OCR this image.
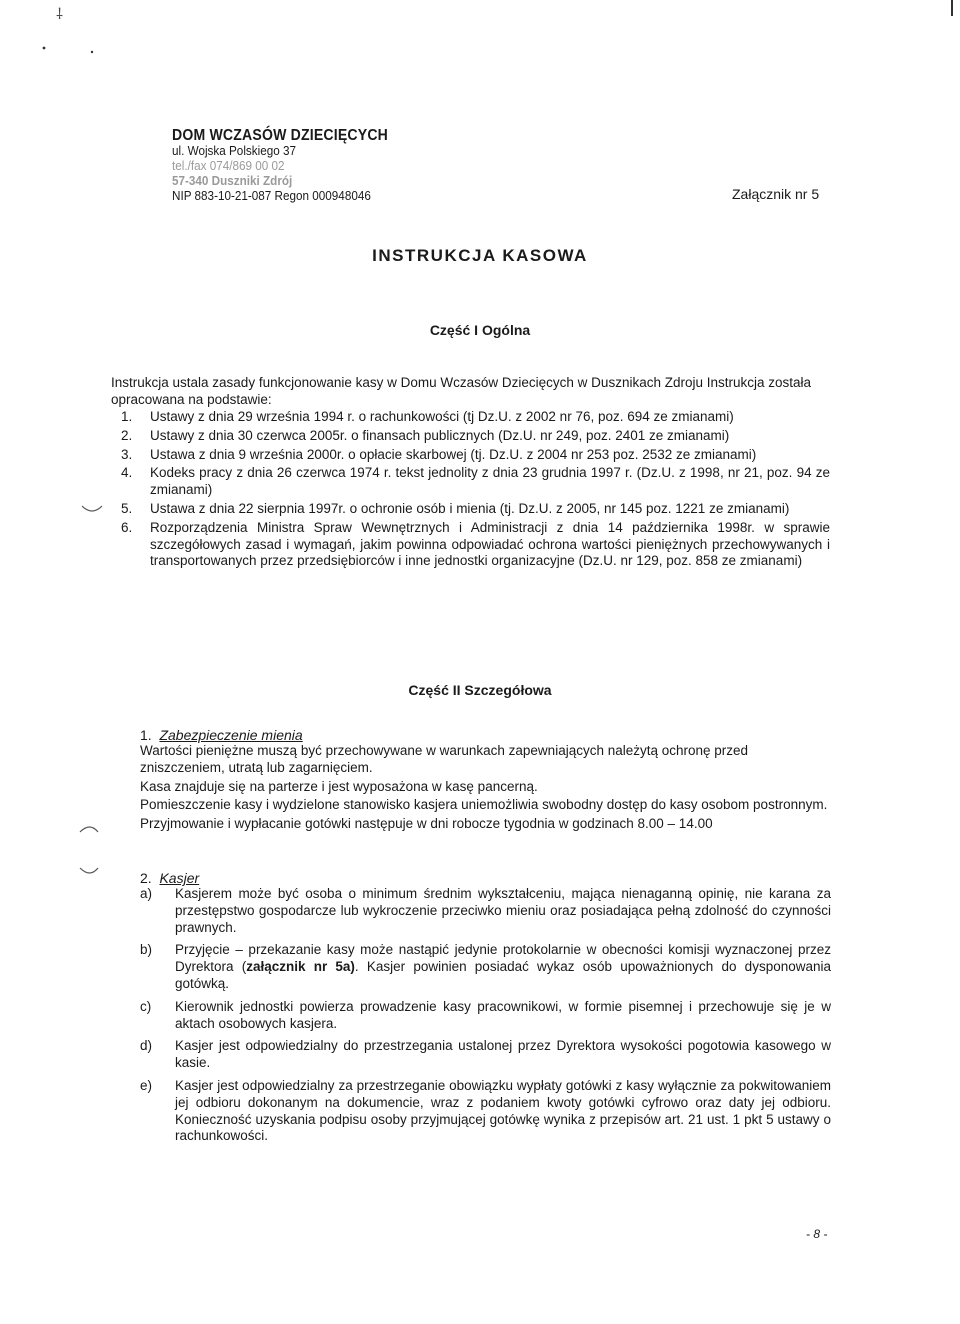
⸸
DOM WCZASÓW DZIECIĘCYCH
ul. Wojska Polskiego 37
tel./fax 074/869 00 02
57-340 Duszniki Zdrój
NIP 883-10-21-087 Regon 000948046	Załącznik nr 5
INSTRUKCJA KASOWA
Część I Ogólna
Instrukcja ustala zasady funkcjonowanie kasy w Domu Wczasów Dziecięcych w Dusznikach Zdroju Instrukcja została opracowana na podstawie:
1. Ustawy z dnia 29 września 1994 r. o rachunkowości (tj Dz.U. z 2002 nr 76, poz. 694 ze zmianami)
2. Ustawy z dnia 30 czerwca 2005r. o finansach publicznych (Dz.U. nr 249, poz. 2401 ze zmianami)
3. Ustawa z dnia 9 września 2000r. o opłacie skarbowej (tj. Dz.U. z 2004 nr 253 poz. 2532 ze zmianami)
4. Kodeks pracy z dnia 26 czerwca 1974 r. tekst jednolity z dnia 23 grudnia 1997 r. (Dz.U. z 1998, nr 21, poz. 94 ze zmianami)
5. Ustawa z dnia 22 sierpnia 1997r. o ochronie osób i mienia (tj. Dz.U. z 2005, nr 145 poz. 1221 ze zmianami)
6. Rozporządzenia Ministra Spraw Wewnętrznych i Administracji z dnia 14 października 1998r. w sprawie szczegółowych zasad i wymagań, jakim powinna odpowiadać ochrona wartości pieniężnych przechowywanych i transportowanych przez przedsiębiorców i inne jednostki organizacyjne (Dz.U. nr 129, poz. 858 ze zmianami)
Część II Szczegółowa
1. Zabezpieczenie mienia

Wartości pieniężne muszą być przechowywane w warunkach zapewniających należytą ochronę przed zniszczeniem, utratą lub zagarnięciem.

Kasa znajduje się na parterze i jest wyposażona w kasę pancerną.

Pomieszczenie kasy i wydzielone stanowisko kasjera uniemożliwia swobodny dostęp do kasy osobom postronnym.

Przyjmowanie i wypłacanie gotówki następuje w dni robocze tygodnia w godzinach 8.00 – 14.00

2. Kasjer
a) Kasjerem może być osoba o minimum średnim wykształceniu, mająca nienaganną opinię, nie karana za przestępstwo gospodarcze lub wykroczenie przeciwko mieniu oraz posiadająca pełną zdolność do czynności prawnych.
b) Przyjęcie – przekazanie kasy może nastąpić jedynie protokolarnie w obecności komisji wyznaczonej przez Dyrektora (załącznik nr 5a). Kasjer powinien posiadać wykaz osób upoważnionych do dysponowania gotówką.
c) Kierownik jednostki powierza prowadzenie kasy pracownikowi, w formie pisemnej i przechowuje się je w aktach osobowych kasjera.
d) Kasjer jest odpowiedzialny do przestrzegania ustalonej przez Dyrektora wysokości pogotowia kasowego w kasie.
e) Kasjer jest odpowiedzialny za przestrzeganie obowiązku wypłaty gotówki z kasy wyłącznie za pokwitowaniem jej odbioru dokonanym na dokumencie, wraz z podaniem kwoty gotówki cyfrowo oraz daty jej odbioru. Konieczność uzyskania podpisu osoby przyjmującej gotówkę wynika z przepisów art. 21 ust. 1 pkt 5 ustawy o rachunkowości.
- 8 -
